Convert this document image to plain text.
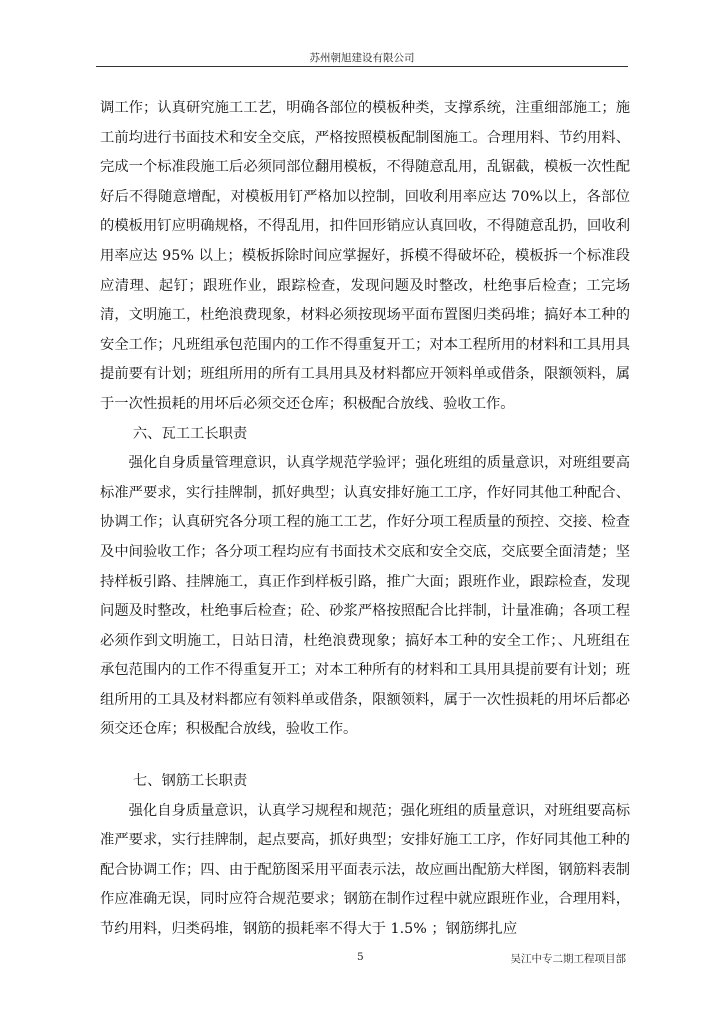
苏州朝旭建设有限公司

调工作；认真研究施工工艺，明确各部位的模板种类，支撑系统，注重细部施工；施工前均进行书面技术和安全交底，严格按照模板配制图施工。合理用料、节约用料、完成一个标准段施工后必须同部位翻用模板，不得随意乱用，乱锯截，模板一次性配好后不得随意增配，对模板用钉严格加以控制，回收利用率应达 70%以上，各部位的模板用钉应明确规格，不得乱用，扣件回形销应认真回收，不得随意乱扔，回收利用率应达 95% 以上；模板拆除时间应掌握好，拆模不得破坏砼，模板拆一个标准段应清理、起钉；跟班作业，跟踪检查，发现问题及时整改，杜绝事后检查；工完场清，文明施工，杜绝浪费现象，材料必须按现场平面布置图归类码堆；搞好本工种的安全工作；凡班组承包范围内的工作不得重复开工；对本工程所用的材料和工具用具提前要有计划；班组所用的所有工具用具及材料都应开领料单或借条，限额领料，属于一次性损耗的用坏后必须交还仓库；积极配合放线、验收工作。

六、瓦工工长职责

强化自身质量管理意识，认真学规范学验评；强化班组的质量意识，对班组要高标准严要求，实行挂牌制，抓好典型；认真安排好施工工序，作好同其他工种配合、协调工作；认真研究各分项工程的施工工艺，作好分项工程质量的预控、交接、检查及中间验收工作；各分项工程均应有书面技术交底和安全交底，交底要全面清楚；坚持样板引路、挂牌施工，真正作到样板引路，推广大面；跟班作业，跟踪检查，发现问题及时整改，杜绝事后检查；砼、砂浆严格按照配合比拌制，计量准确；各项工程必须作到文明施工，日站日清，杜绝浪费现象；搞好本工种的安全工作；、凡班组在承包范围内的工作不得重复开工；对本工种所有的材料和工具用具提前要有计划；班组所用的工具及材料都应有领料单或借条，限额领料，属于一次性损耗的用坏后都必须交还仓库；积极配合放线，验收工作。

七、钢筋工长职责

强化自身质量意识，认真学习规程和规范；强化班组的质量意识，对班组要高标准严要求，实行挂牌制，起点要高，抓好典型；安排好施工工序，作好同其他工种的配合协调工作；四、由于配筋图采用平面表示法，故应画出配筋大样图，钢筋料表制作应准确无误，同时应符合规范要求；钢筋在制作过程中就应跟班作业，合理用料，节约用料，归类码堆，钢筋的损耗率不得大于 1.5% ；钢筋绑扎应

5	吴江中专二期工程项目部
